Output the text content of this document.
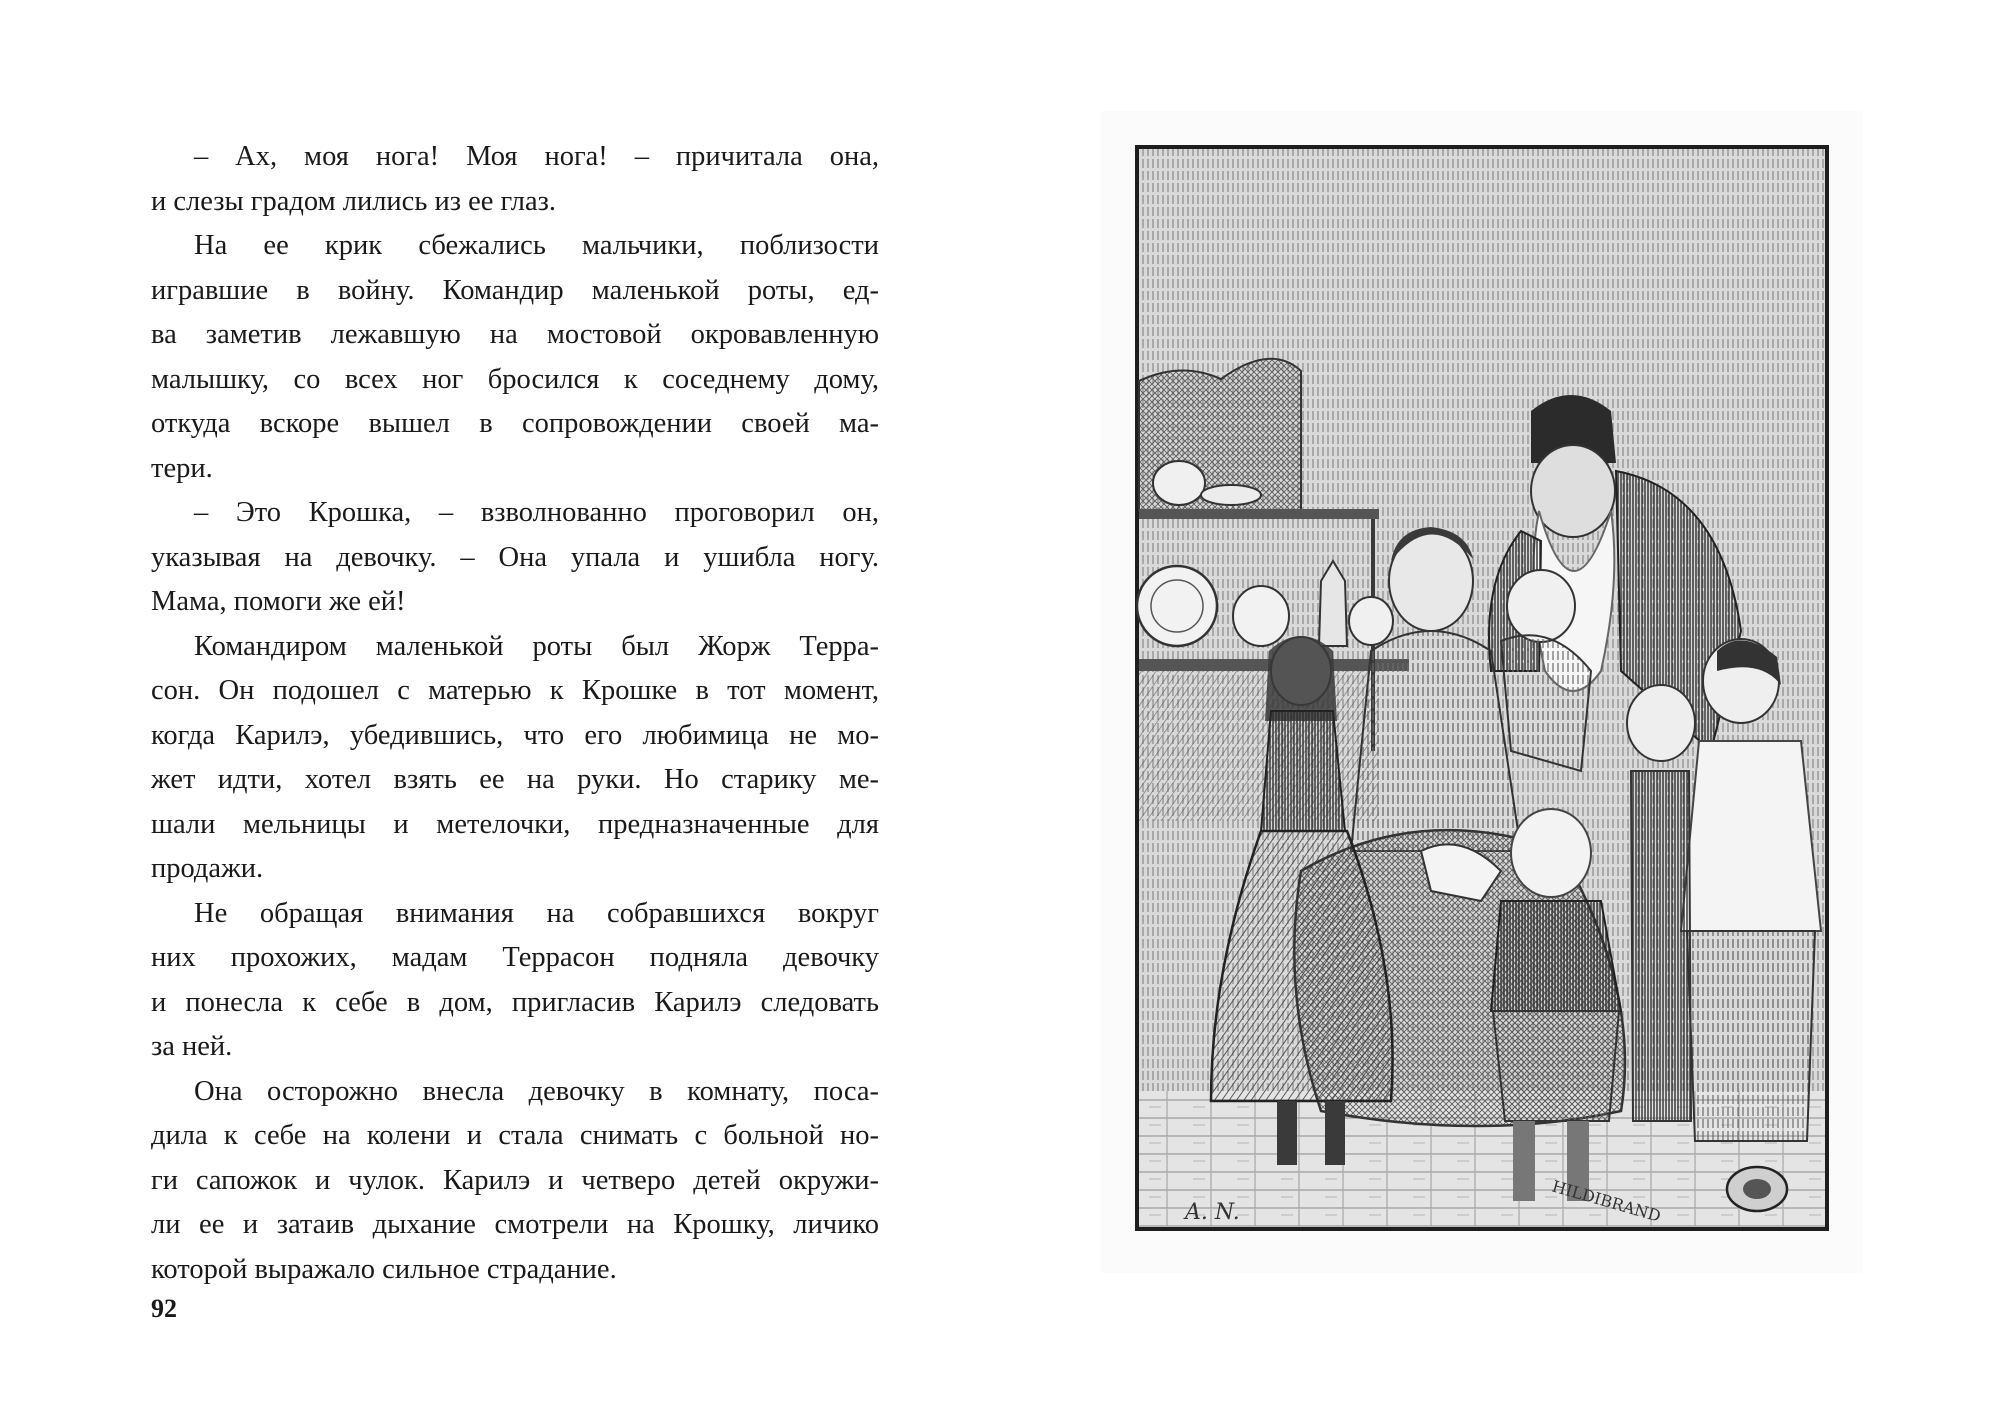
– Ах, моя нога! Моя нога! – причитала она,
и слезы градом лились из ее глаз.
На ее крик сбежались мальчики, поблизости
игравшие в войну. Командир маленькой роты, ед-
ва заметив лежавшую на мостовой окровавленную
малышку, со всех ног бросился к соседнему дому,
откуда вскоре вышел в сопровождении своей ма-
тери.
– Это Крошка, – взволнованно проговорил он,
указывая на девочку. – Она упала и ушибла ногу.
Мама, помоги же ей!
Командиром маленькой роты был Жорж Терра-
сон. Он подошел с матерью к Крошке в тот момент,
когда Карилэ, убедившись, что его любимица не мо-
жет идти, хотел взять ее на руки. Но старику ме-
шали мельницы и метелочки, предназначенные для
продажи.
Не обращая внимания на собравшихся вокруг
них прохожих, мадам Террасон подняла девочку
и понесла к себе в дом, пригласив Карилэ следовать
за ней.
Она осторожно внесла девочку в комнату, поса-
дила к себе на колени и стала снимать с больной но-
ги сапожок и чулок. Карилэ и четверо детей окружи-
ли ее и затаив дыхание смотрели на Крошку, личико
которой выражало сильное страдание.
92
A. N.	HILDIBRAND
